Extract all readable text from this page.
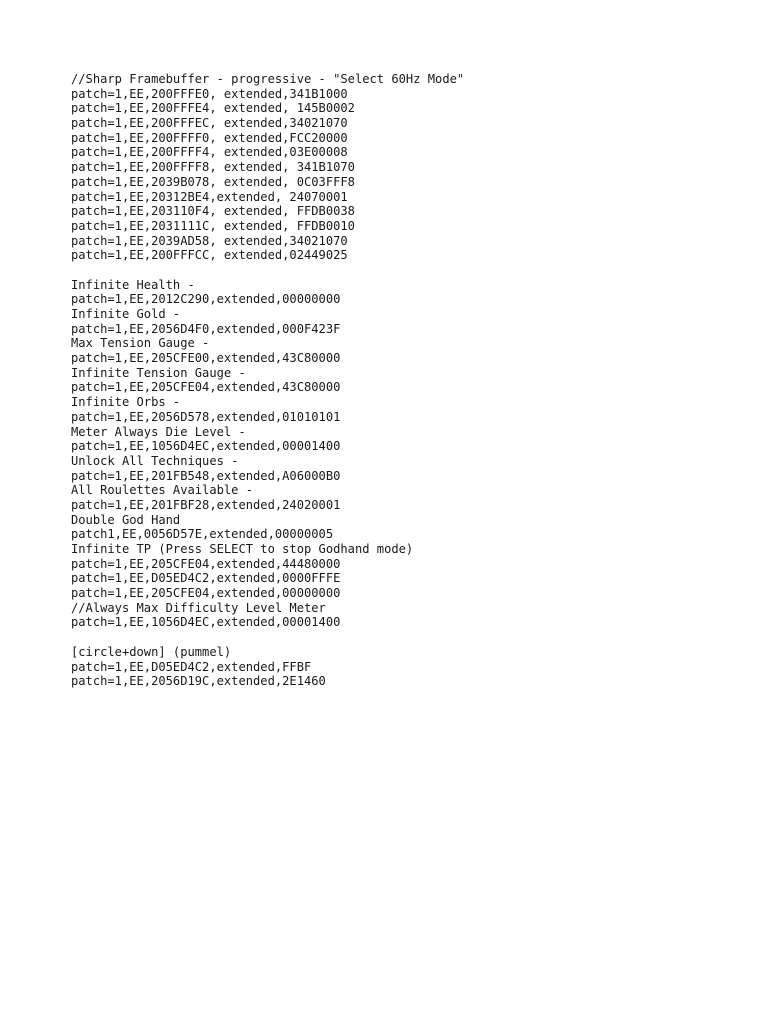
//Sharp Framebuffer - progressive - "Select 60Hz Mode"
patch=1,EE,200FFFE0, extended,341B1000
patch=1,EE,200FFFE4, extended, 145B0002
patch=1,EE,200FFFEC, extended,34021070
patch=1,EE,200FFFF0, extended,FCC20000
patch=1,EE,200FFFF4, extended,03E00008
patch=1,EE,200FFFF8, extended, 341B1070
patch=1,EE,2039B078, extended, 0C03FFF8
patch=1,EE,20312BE4,extended, 24070001
patch=1,EE,203110F4, extended, FFDB0038
patch=1,EE,2031111C, extended, FFDB0010
patch=1,EE,2039AD58, extended,34021070
patch=1,EE,200FFFCC, extended,02449025
Infinite Health -
patch=1,EE,2012C290,extended,00000000
Infinite Gold -
patch=1,EE,2056D4F0,extended,000F423F
Max Tension Gauge -
patch=1,EE,205CFE00,extended,43C80000
Infinite Tension Gauge -
patch=1,EE,205CFE04,extended,43C80000
Infinite Orbs -
patch=1,EE,2056D578,extended,01010101
Meter Always Die Level -
patch=1,EE,1056D4EC,extended,00001400
Unlock All Techniques -
patch=1,EE,201FB548,extended,A06000B0
All Roulettes Available -
patch=1,EE,201FBF28,extended,24020001
Double God Hand
patch1,EE,0056D57E,extended,00000005
Infinite TP (Press SELECT to stop Godhand mode)
patch=1,EE,205CFE04,extended,44480000
patch=1,EE,D05ED4C2,extended,0000FFFE
patch=1,EE,205CFE04,extended,00000000
//Always Max Difficulty Level Meter
patch=1,EE,1056D4EC,extended,00001400
[circle+down] (pummel)
patch=1,EE,D05ED4C2,extended,FFBF
patch=1,EE,2056D19C,extended,2E1460
